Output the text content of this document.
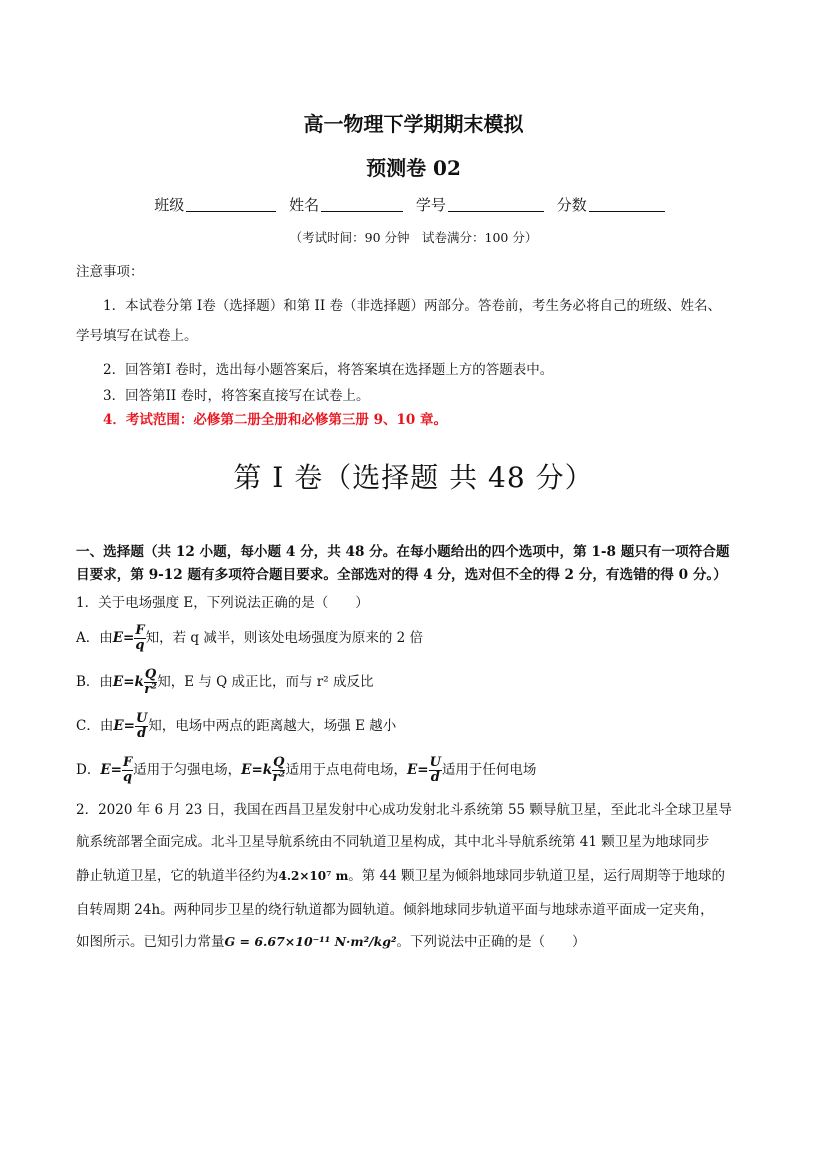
高一物理下学期期末模拟
预测卷 02
班级	姓名	学号	分数
（考试时间：90 分钟　试卷满分：100 分）
注意事项：
1．本试卷分第 I卷（选择题）和第 II 卷（非选择题）两部分。答卷前，考生务必将自己的班级、姓名、
学号填写在试卷上。
2．回答第I 卷时，选出每小题答案后，将答案填在选择题上方的答题表中。
3．回答第II 卷时，将答案直接写在试卷上。
4．考试范围：必修第二册全册和必修第三册 9、10 章。
第 I 卷（选择题 共 48 分）
一、选择题（共 12 小题，每小题 4 分，共 48 分。在每小题给出的四个选项中，第 1-8 题只有一项符合题
目要求，第 9-12 题有多项符合题目要求。全部选对的得 4 分，选对但不全的得 2 分，有选错的得 0 分。）
1．关于电场强度 E，下列说法正确的是（　　）
A．由$E= \frac{F}{q}$ 知，若 q 减半，则该处电场强度为原来的 2 倍
B．由$E=k \frac{Q}{\text{r²}}$ 知，E 与 Q 成正比，而与 r² 成反比
C．由$E= \frac{U}{d}$ 知，电场中两点的距离越大，场强 E 越小
D．$E= \frac{F}{q}$ 适用于匀强电场，$E=k \frac{Q}{\text{r²}}$ 适用于点电荷电场，$E= \frac{U}{d}$ 适用于任何电场
2．2020 年 6 月 23 日，我国在西昌卫星发射中心成功发射北斗系统第 55 颗导航卫星，至此北斗全球卫星导
航系统部署全面完成。北斗卫星导航系统由不同轨道卫星构成，其中北斗导航系统第 41 颗卫星为地球同步
静止轨道卫星，它的轨道半径约为4.2×10⁷ m。第 44 颗卫星为倾斜地球同步轨道卫星，运行周期等于地球的
自转周期 24h。两种同步卫星的绕行轨道都为圆轨道。倾斜地球同步轨道平面与地球赤道平面成一定夹角，
如图所示。已知引力常量G = 6.67×10⁻¹¹ N·m²/kg²。下列说法中正确的是（　　）
